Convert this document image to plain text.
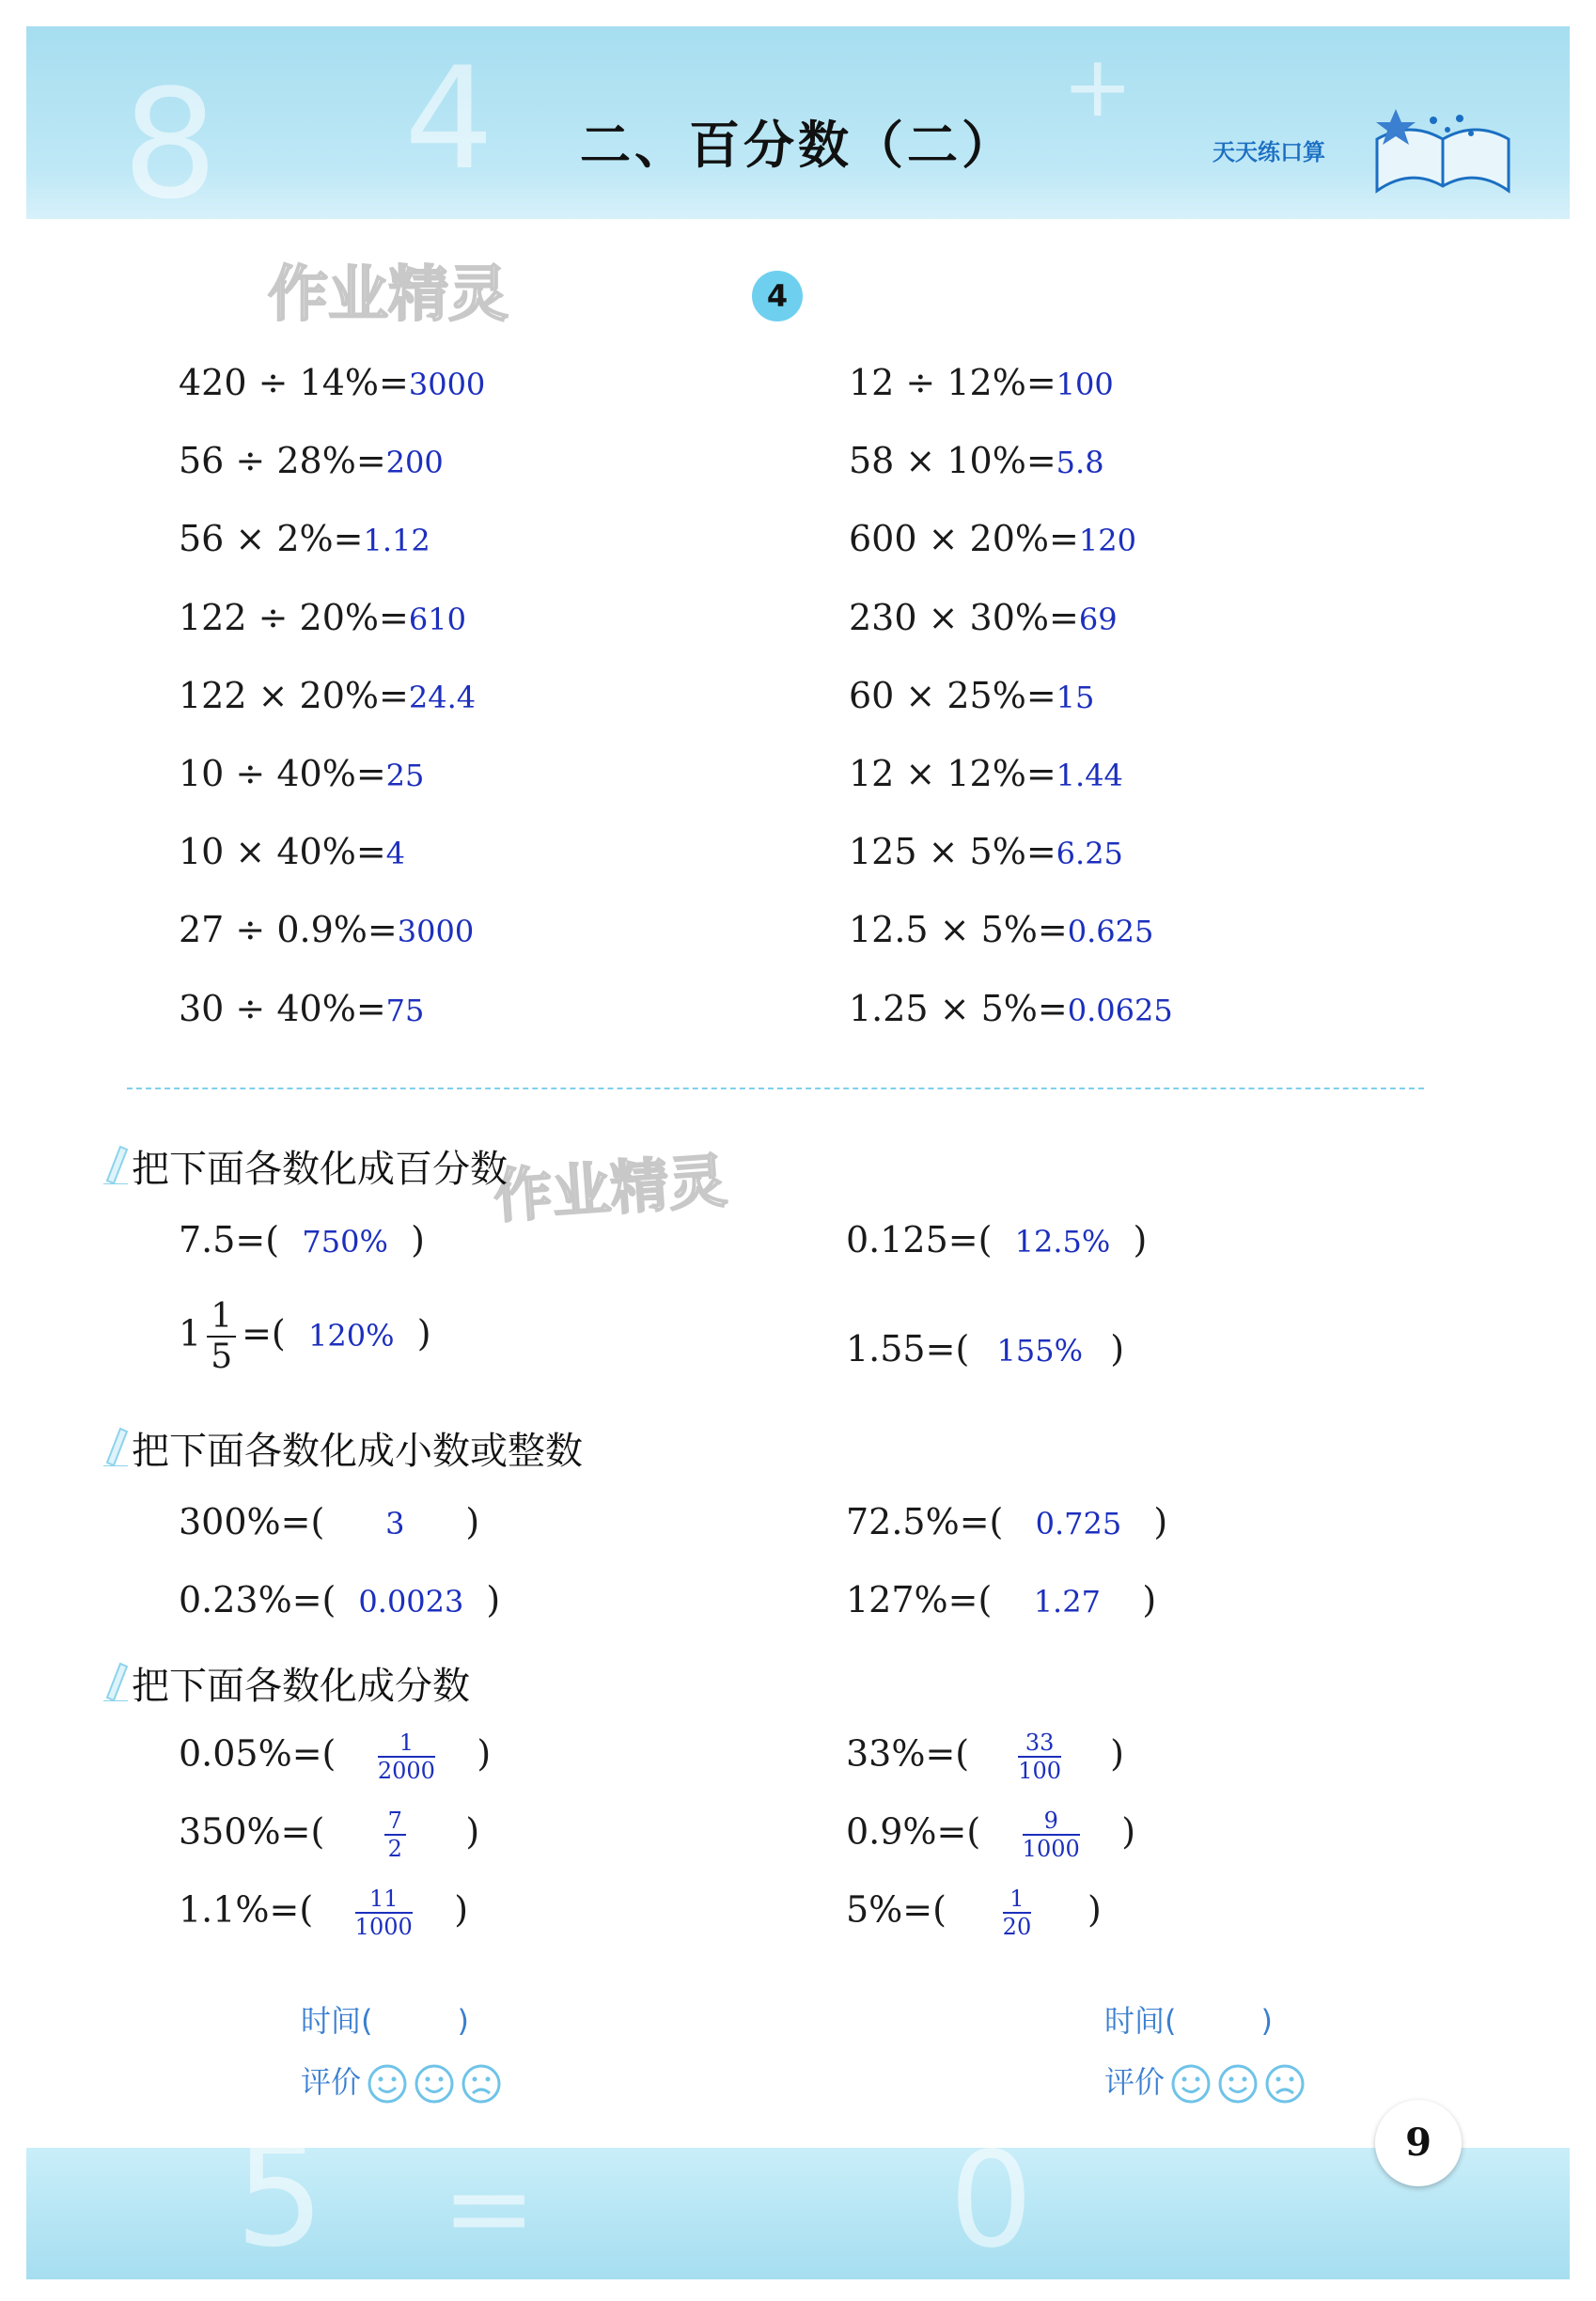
8 4	+
二、百分数（二）	天天练口算
作业精灵
作业精灵
4
420 ÷ 14%=3000	12 ÷ 12%=100
56 ÷ 28%=200	58 × 10%=5.8
56 × 2%=1.12	600 × 20%=120
122 ÷ 20%=610	230 × 30%=69
122 × 20%=24.4	60 × 25%=15
10 ÷ 40%=25	12 × 12%=1.44
10 × 40%=4	125 × 5%=6.25
27 ÷ 0.9%=3000	12.5 × 5%=0.625
30 ÷ 40%=75	1.25 × 5%=0.0625
把下面各数化成百分数
7.5=( 750% )	0.125=( 12.5% )
$1 \frac{1}{5}$ =( 120% )	1.55=( 155% )
把下面各数化成小数或整数
300%=( 3 )	72.5%=( 0.725 )
0.23%=( 0.0023 )	127%=( 1.27 )
把下面各数化成分数
$0.05\%=( \frac{1}{2000}$ )	$33\%=( \frac{33}{100}$ )
350%=(	$\frac{7}{2}$ )	$0.9\%=( \frac{9}{1000}$ )
$1.1\%=( \frac{11}{1000}$ )	$5\%=( \frac{1}{20}$ )
时间(	)
评价
时间(	)
评价
5 =	0	9
